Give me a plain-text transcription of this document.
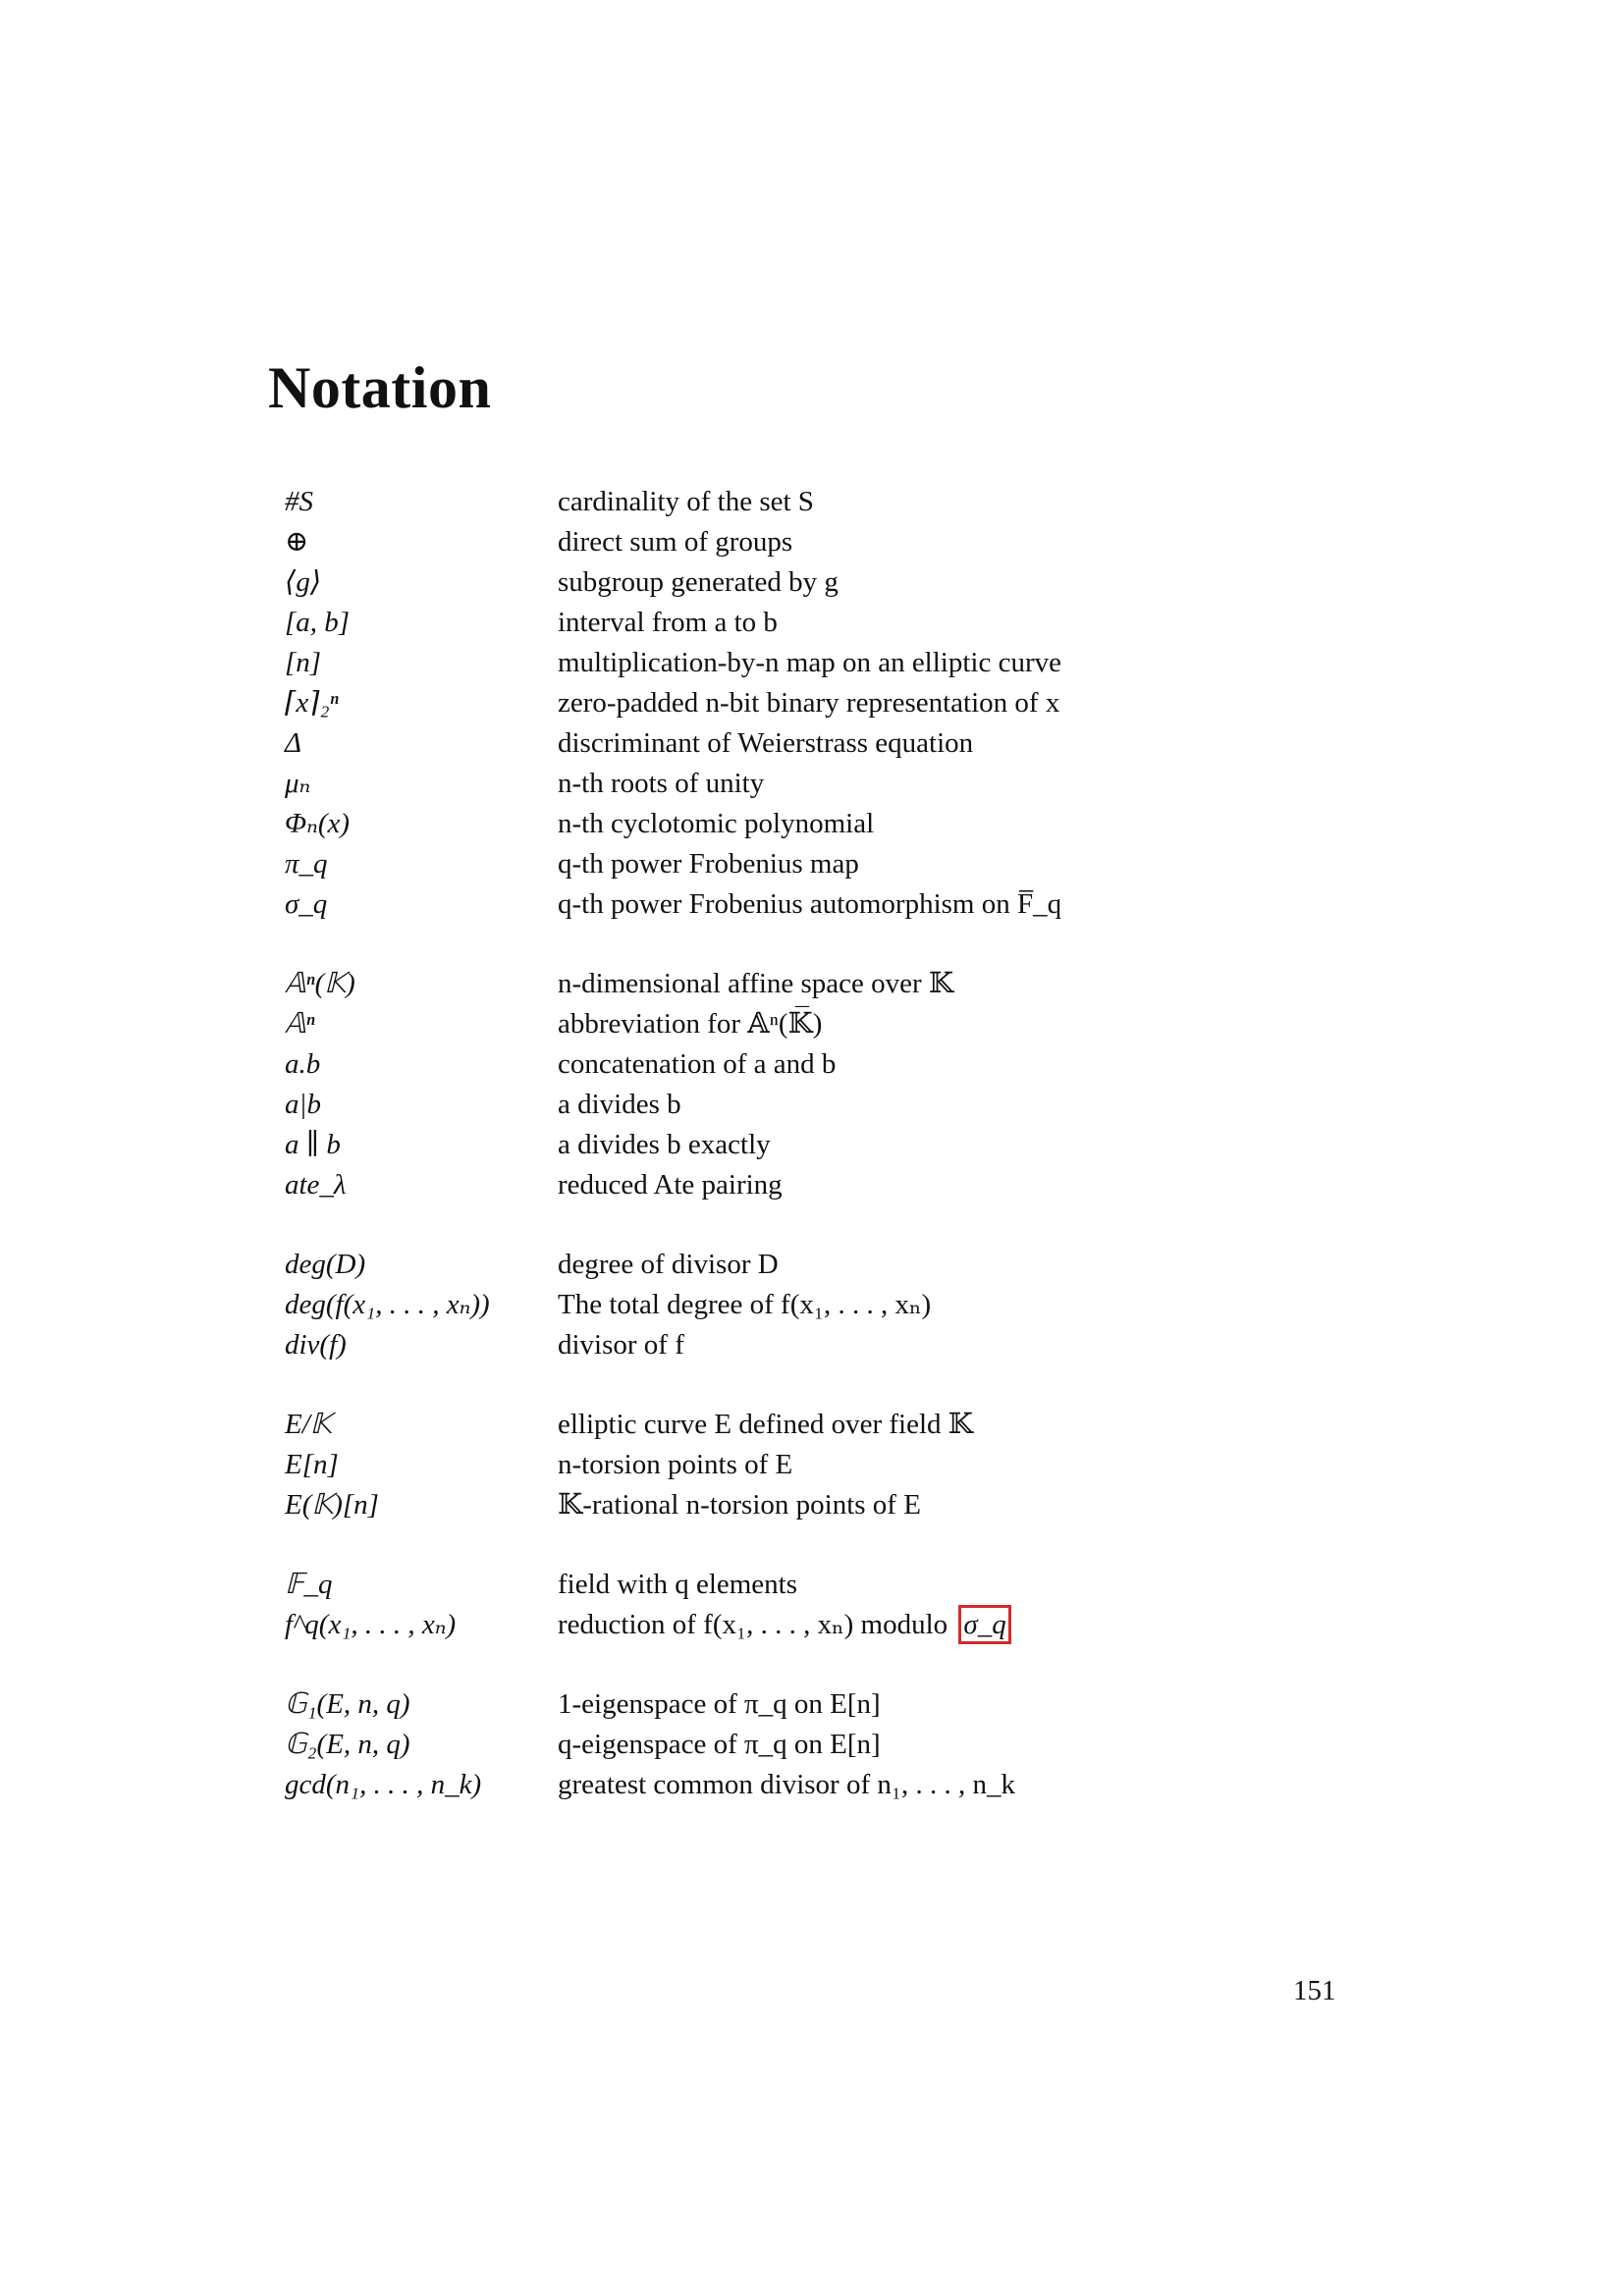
Notation
#S	cardinality of the set S
⊕	direct sum of groups
⟨g⟩	subgroup generated by g
[a, b]	interval from a to b
[n]	multiplication-by-n map on an elliptic curve
⌈x⌉₂ⁿ	zero-padded n-bit binary representation of x
Δ	discriminant of Weierstrass equation
μₙ	n-th roots of unity
Φₙ(x)	n-th cyclotomic polynomial
π_q	q-th power Frobenius map
σ_q	q-th power Frobenius automorphism on F̅_q
𝔸ⁿ(𝕂)	n-dimensional affine space over 𝕂
𝔸ⁿ	abbreviation for 𝔸ⁿ(𝕂̅)
a.b	concatenation of a and b
a|b	a divides b
a ∥ b	a divides b exactly
ate_λ	reduced Ate pairing
deg(D)	degree of divisor D
deg(f(x₁, . . . , xₙ))	The total degree of f(x₁, . . . , xₙ)
div(f)	divisor of f
E/𝕂	elliptic curve E defined over field 𝕂
E[n]	n-torsion points of E
E(𝕂)[n]	𝕂-rational n-torsion points of E
𝔽_q	field with q elements
f^q(x₁, . . . , xₙ)	reduction of f(x₁, . . . , xₙ) modulo σ_q
𝔾₁(E, n, q)	1-eigenspace of π_q on E[n]
𝔾₂(E, n, q)	q-eigenspace of π_q on E[n]
gcd(n₁, . . . , n_k)	greatest common divisor of n₁, . . . , n_k
151
